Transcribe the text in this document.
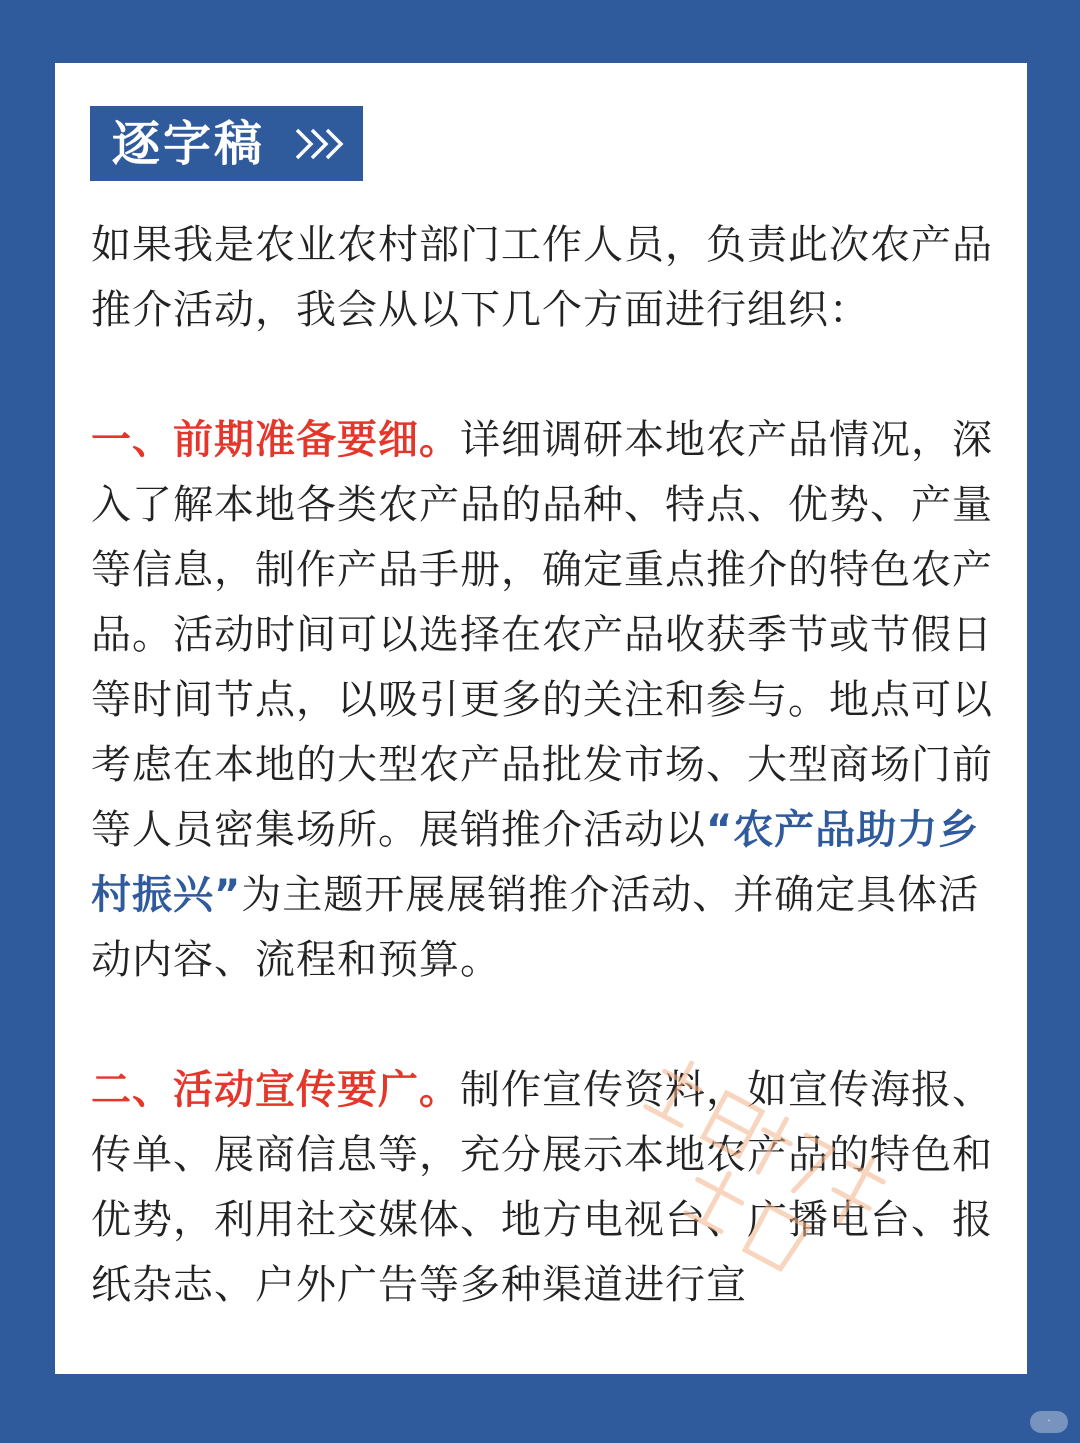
逐字稿

如果我是农业农村部门工作人员，负责此次农产品推介活动，我会从以下几个方面进行组织：

一、前期准备要细。详细调研本地农产品情况，深入了解本地各类农产品的品种、特点、优势、产量等信息，制作产品手册，确定重点推介的特色农产品。活动时间可以选择在农产品收获季节或节假日等时间节点，以吸引更多的关注和参与。地点可以考虑在本地的大型农产品批发市场、大型商场门前等人员密集场所。展销推介活动以“农产品助力乡村振兴”为主题开展展销推介活动、并确定具体活动内容、流程和预算。

二、活动宣传要广。制作宣传资料，如宣传海报、传单、展商信息等，充分展示本地农产品的特色和优势，利用社交媒体、地方电视台、广播电台、报纸杂志、户外广告等多种渠道进行宣

·
